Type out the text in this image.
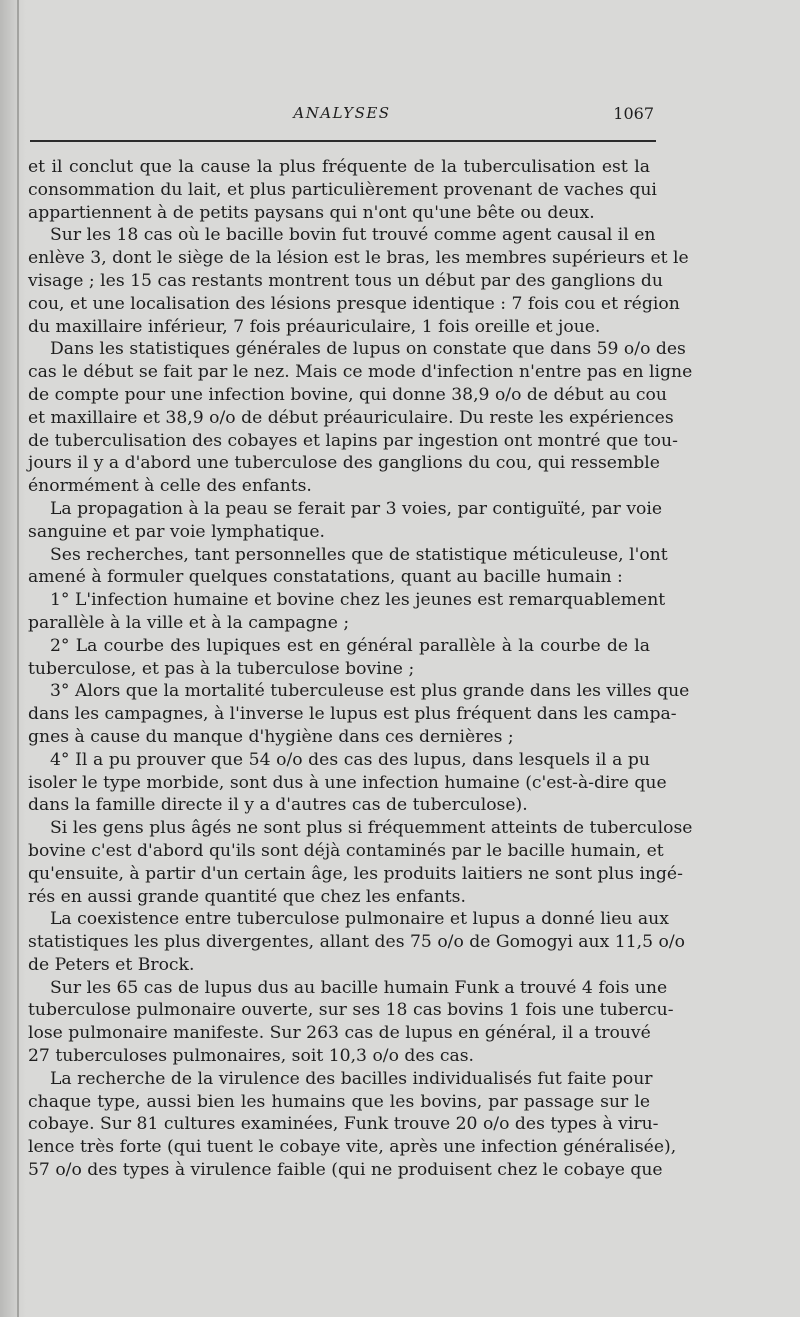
ANALYSES	1067
et il conclut que la cause la plus fréquente de la tuberculisation est la
consommation du lait, et plus particulièrement provenant de vaches qui
appartiennent à de petits paysans qui n'ont qu'une bête ou deux.
Sur les 18 cas où le bacille bovin fut trouvé comme agent causal il en
enlève 3, dont le siège de la lésion est le bras, les membres supérieurs et le
visage ; les 15 cas restants montrent tous un début par des ganglions du
cou, et une localisation des lésions presque identique : 7 fois cou et région
du maxillaire inférieur, 7 fois préauriculaire, 1 fois oreille et joue.
Dans les statistiques générales de lupus on constate que dans 59 o/o des
cas le début se fait par le nez. Mais ce mode d'infection n'entre pas en ligne
de compte pour une infection bovine, qui donne 38,9 o/o de début au cou
et maxillaire et 38,9 o/o de début préauriculaire. Du reste les expériences
de tuberculisation des cobayes et lapins par ingestion ont montré que tou-
jours il y a d'abord une tuberculose des ganglions du cou, qui ressemble
énormément à celle des enfants.
La propagation à la peau se ferait par 3 voies, par contiguïté, par voie
sanguine et par voie lymphatique.
Ses recherches, tant personnelles que de statistique méticuleuse, l'ont
amené à formuler quelques constatations, quant au bacille humain :
1° L'infection humaine et bovine chez les jeunes est remarquablement
parallèle à la ville et à la campagne ;
2° La courbe des lupiques est en général parallèle à la courbe de la
tuberculose, et pas à la tuberculose bovine ;
3° Alors que la mortalité tuberculeuse est plus grande dans les villes que
dans les campagnes, à l'inverse le lupus est plus fréquent dans les campa-
gnes à cause du manque d'hygiène dans ces dernières ;
4° Il a pu prouver que 54 o/o des cas des lupus, dans lesquels il a pu
isoler le type morbide, sont dus à une infection humaine (c'est-à-dire que
dans la famille directe il y a d'autres cas de tuberculose).
Si les gens plus âgés ne sont plus si fréquemment atteints de tuberculose
bovine c'est d'abord qu'ils sont déjà contaminés par le bacille humain, et
qu'ensuite, à partir d'un certain âge, les produits laitiers ne sont plus ingé-
rés en aussi grande quantité que chez les enfants.
La coexistence entre tuberculose pulmonaire et lupus a donné lieu aux
statistiques les plus divergentes, allant des 75 o/o de Gomogyi aux 11,5 o/o
de Peters et Brock.
Sur les 65 cas de lupus dus au bacille humain Funk a trouvé 4 fois une
tuberculose pulmonaire ouverte, sur ses 18 cas bovins 1 fois une tubercu-
lose pulmonaire manifeste. Sur 263 cas de lupus en général, il a trouvé
27 tuberculoses pulmonaires, soit 10,3 o/o des cas.
La recherche de la virulence des bacilles individualisés fut faite pour
chaque type, aussi bien les humains que les bovins, par passage sur le
cobaye. Sur 81 cultures examinées, Funk trouve 20 o/o des types à viru-
lence très forte (qui tuent le cobaye vite, après une infection généralisée),
57 o/o des types à virulence faible (qui ne produisent chez le cobaye que
